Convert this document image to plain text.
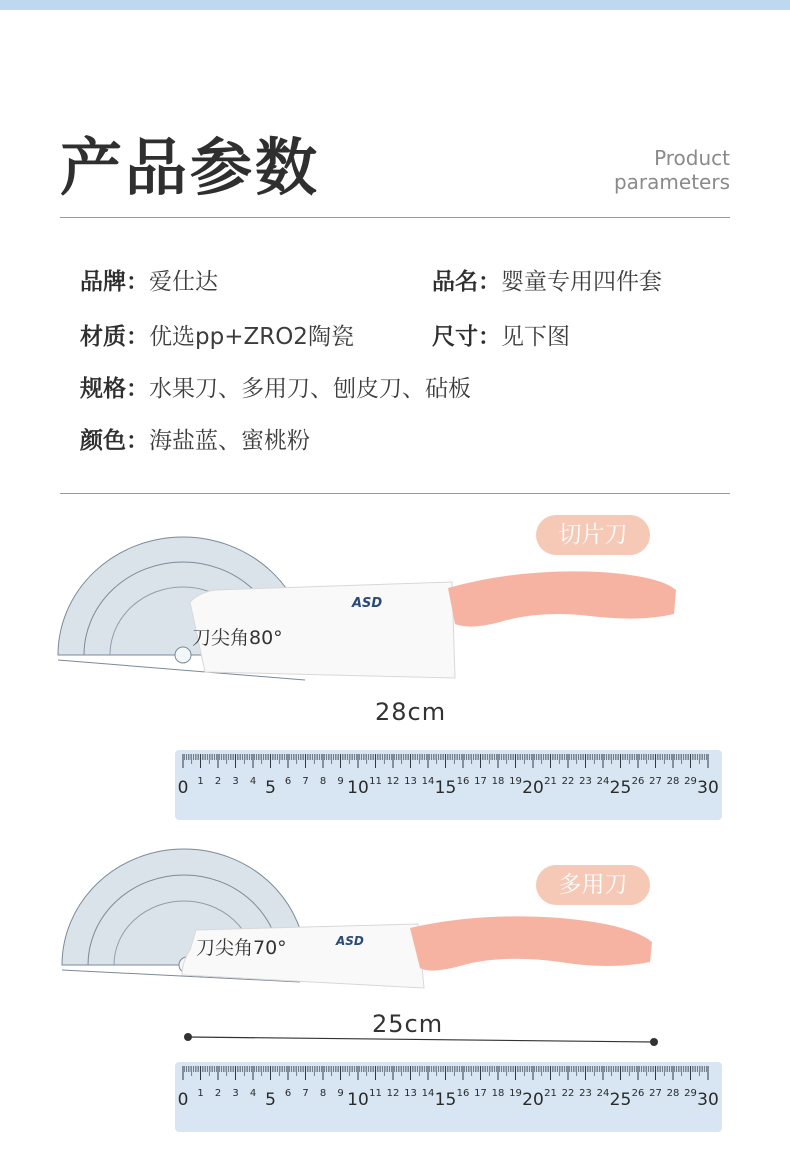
产品参数	Product
parameters
品牌：爱仕达	品名：婴童专用四件套
材质：优选pp+ZRO2陶瓷	尺寸：见下图
规格：水果刀、多用刀、刨皮刀、砧板
颜色：海盐蓝、蜜桃粉
ASD
切片刀
刀尖角80°
28cm
0	5	10	15	20	25	30
1 2 3 4	6 7 8 9	11 12 13 14 16 17 18 19 21 22 23 24 26 27 28 29
ASD
多用刀
刀尖角70°
25cm
0	5	10	15	20	25	30
1 2 3 4	6 7 8 9	11 12 13 14 16 17 18 19 21 22 23 24 26 27 28 29
